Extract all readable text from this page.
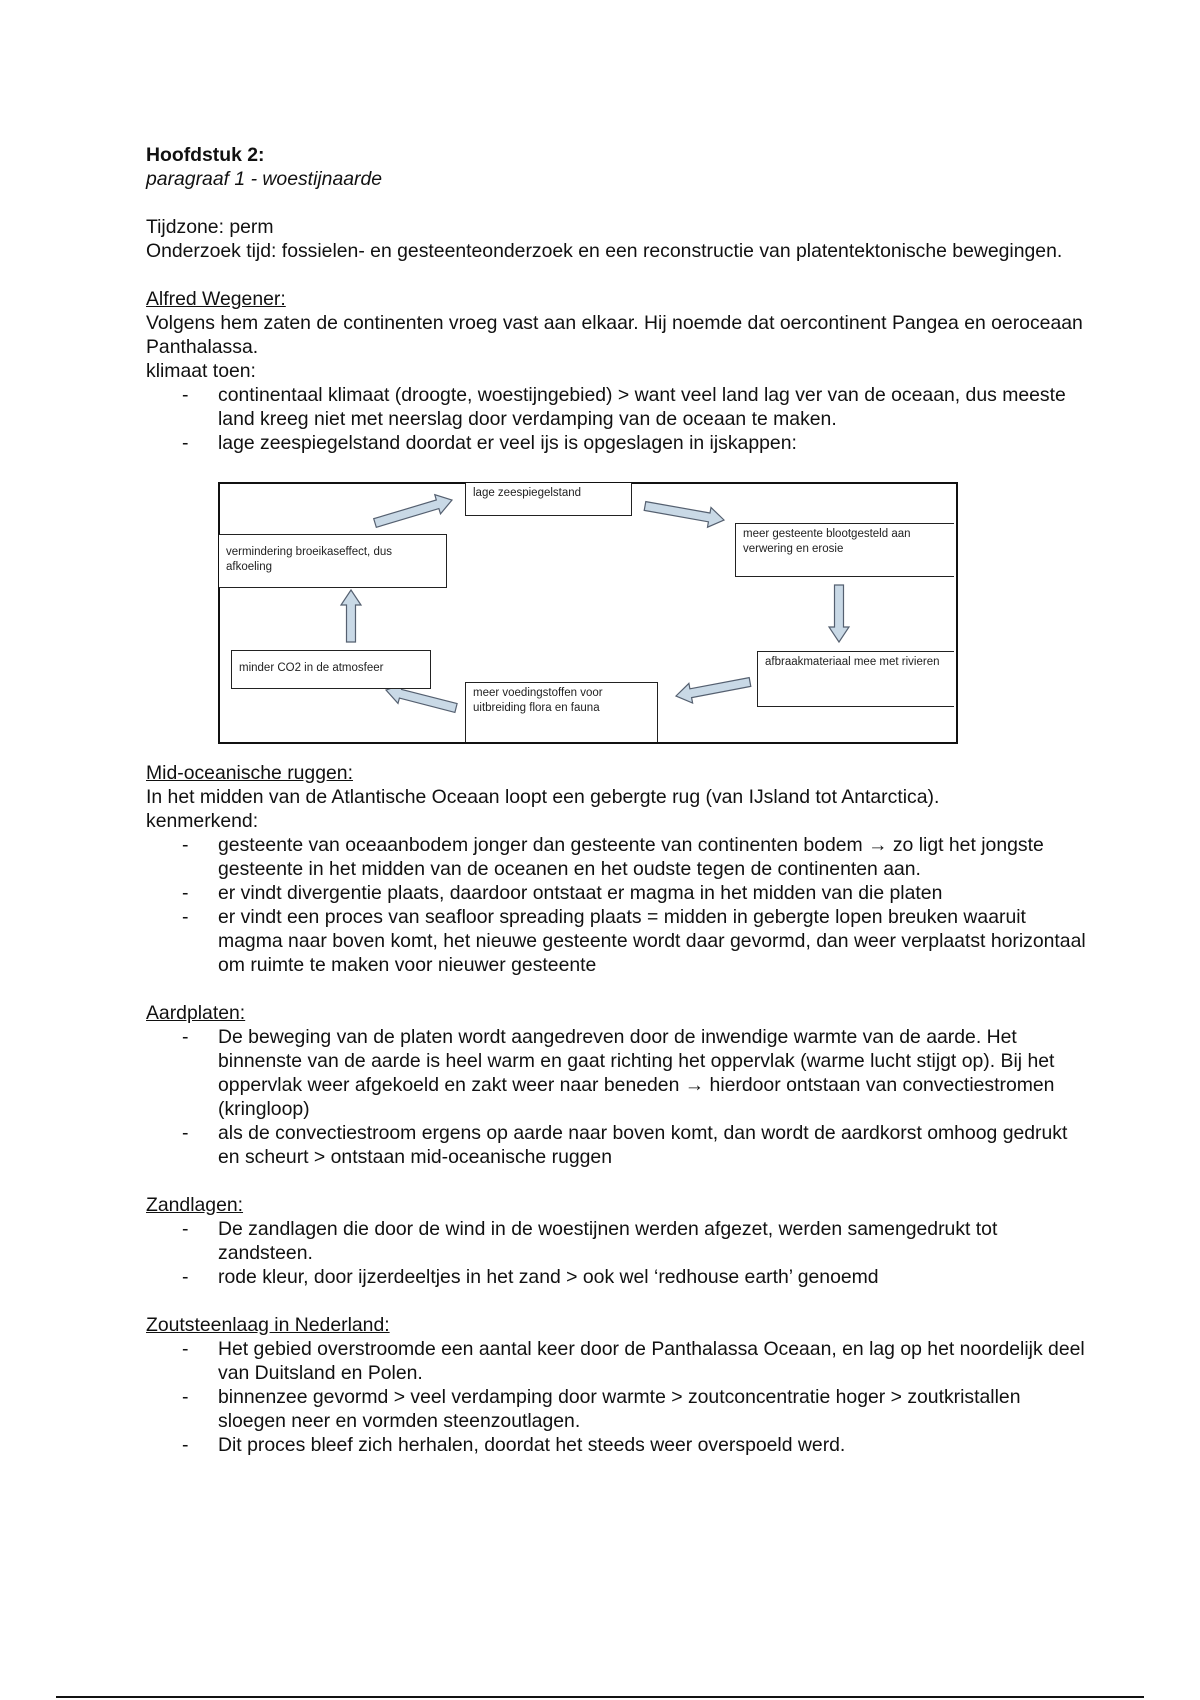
Hoofdstuk 2:

paragraaf 1 - woestijnaarde

Tijdzone: perm

Onderzoek tijd: fossielen- en gesteenteonderzoek en een reconstructie van platentektonische bewegingen.

Alfred Wegener:

Volgens hem zaten de continenten vroeg vast aan elkaar. Hij noemde dat oercontinent Pangea en oeroceaan Panthalassa.

klimaat toen:

- continentaal klimaat (droogte, woestijngebied) > want veel land lag ver van de oceaan, dus meeste land kreeg niet met neerslag door verdamping van de oceaan te maken.
- lage zeespiegelstand doordat er veel ijs is opgeslagen in ijskappen:
lage zeespiegelstand
meer gesteente blootgesteld aan verwering en erosie
afbraakmateriaal mee met rivieren
meer voedingstoffen voor uitbreiding flora en fauna
minder CO2 in de atmosfeer
vermindering broeikaseffect, dus afkoeling

Mid-oceanische ruggen:

In het midden van de Atlantische Oceaan loopt een gebergte rug (van IJsland tot Antarctica).

kenmerkend:

- gesteente van oceaanbodem jonger dan gesteente van continenten bodem → zo ligt het jongste gesteente in het midden van de oceanen en het oudste tegen de continenten aan.
- er vindt divergentie plaats, daardoor ontstaat er magma in het midden van die platen
- er vindt een proces van seafloor spreading plaats = midden in gebergte lopen breuken waaruit magma naar boven komt, het nieuwe gesteente wordt daar gevormd, dan weer verplaatst horizontaal om ruimte te maken voor nieuwer gesteente

Aardplaten:

- De beweging van de platen wordt aangedreven door de inwendige warmte van de aarde. Het binnenste van de aarde is heel warm en gaat richting het oppervlak (warme lucht stijgt op). Bij het oppervlak weer afgekoeld en zakt weer naar beneden → hierdoor ontstaan van convectiestromen (kringloop)
- als de convectiestroom ergens op aarde naar boven komt, dan wordt de aardkorst omhoog gedrukt en scheurt > ontstaan mid-oceanische ruggen

Zandlagen:

- De zandlagen die door de wind in de woestijnen werden afgezet, werden samengedrukt tot zandsteen.
- rode kleur, door ijzerdeeltjes in het zand > ook wel ‘redhouse earth’ genoemd

Zoutsteenlaag in Nederland:

- Het gebied overstroomde een aantal keer door de Panthalassa Oceaan, en lag op het noordelijk deel van Duitsland en Polen.
- binnenzee gevormd > veel verdamping door warmte > zoutconcentratie hoger > zoutkristallen sloegen neer en vormden steenzoutlagen.
- Dit proces bleef zich herhalen, doordat het steeds weer overspoeld werd.
